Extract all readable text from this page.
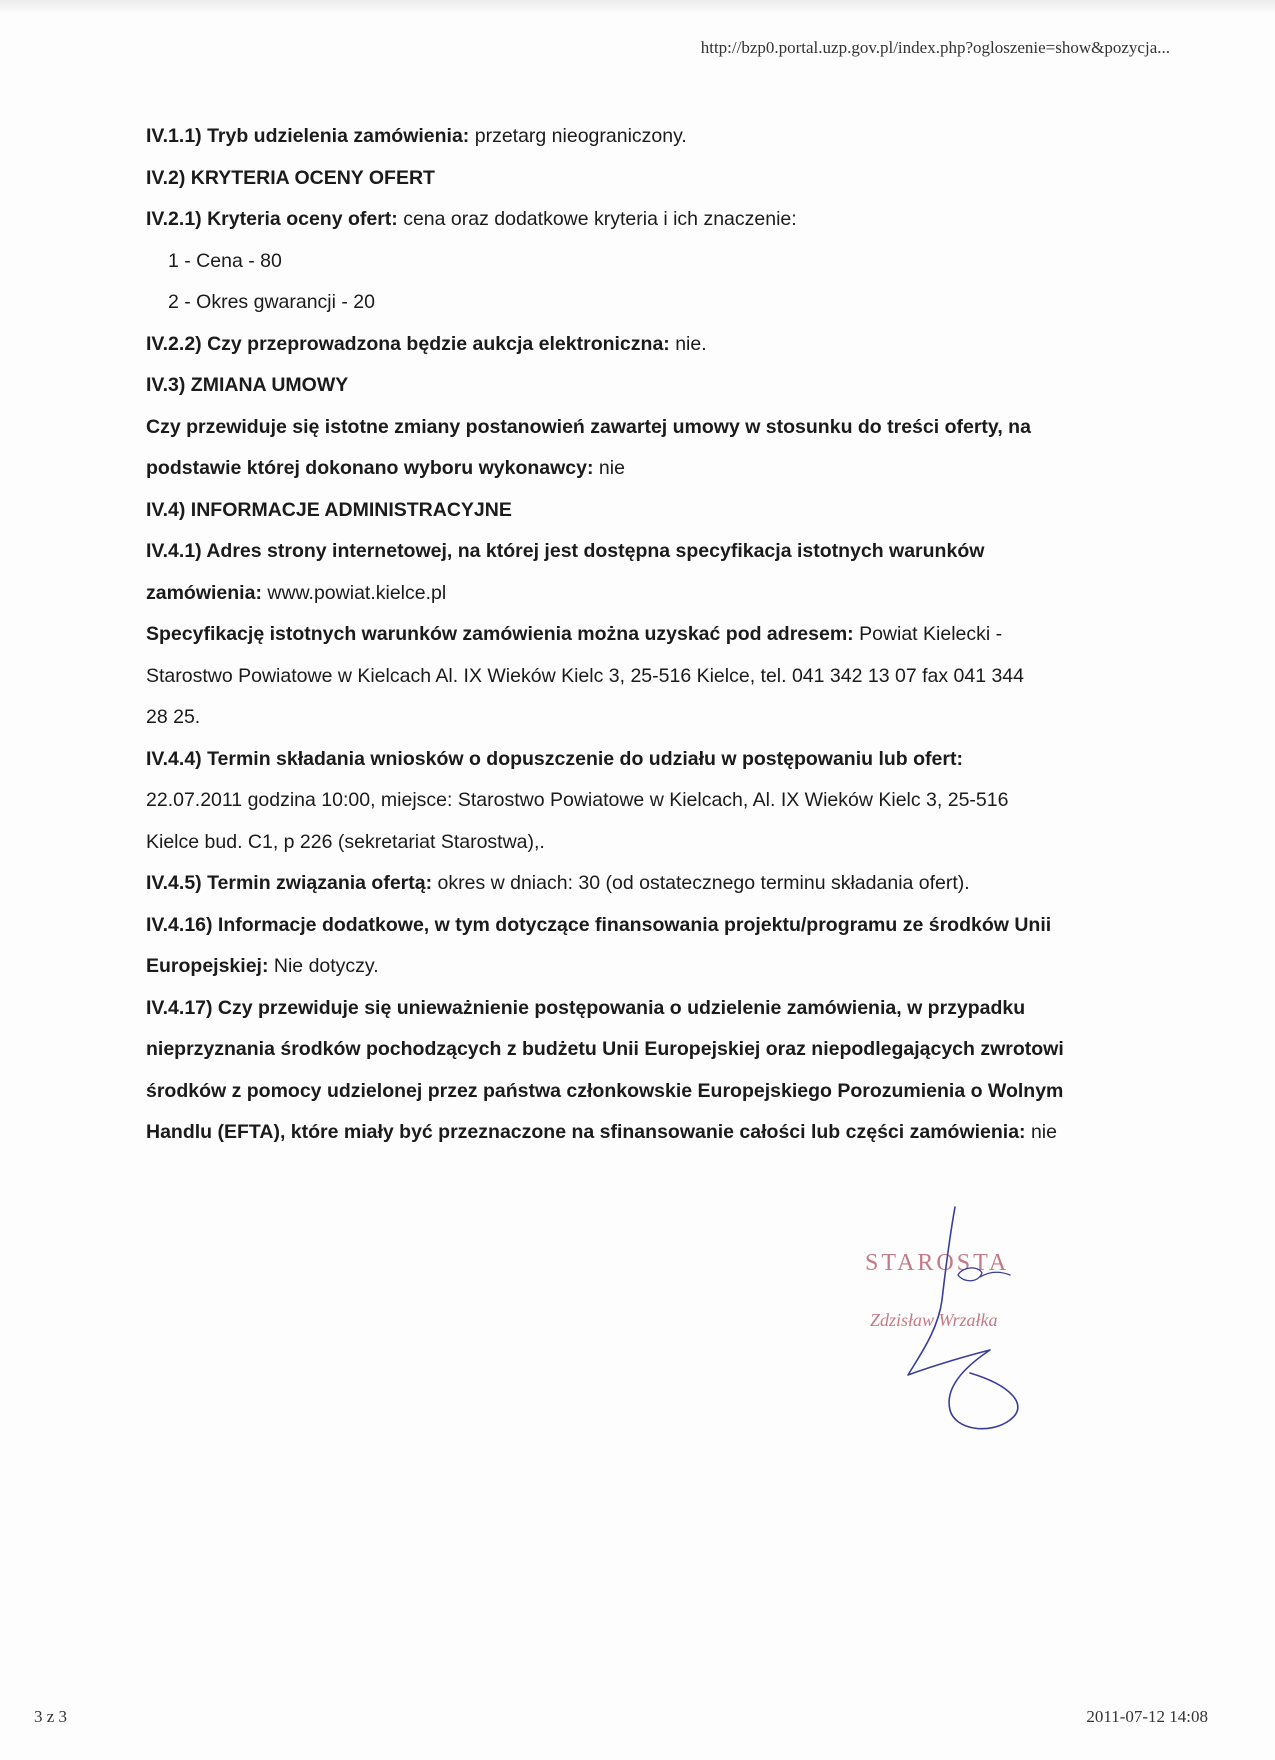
http://bzp0.portal.uzp.gov.pl/index.php?ogloszenie=show&pozycja...
IV.1.1) Tryb udzielenia zamówienia: przetarg nieograniczony.
IV.2) KRYTERIA OCENY OFERT
IV.2.1) Kryteria oceny ofert: cena oraz dodatkowe kryteria i ich znaczenie:
1 - Cena - 80
2 - Okres gwarancji - 20
IV.2.2) Czy przeprowadzona będzie aukcja elektroniczna: nie.
IV.3) ZMIANA UMOWY
Czy przewiduje się istotne zmiany postanowień zawartej umowy w stosunku do treści oferty, na
podstawie której dokonano wyboru wykonawcy: nie
IV.4) INFORMACJE ADMINISTRACYJNE
IV.4.1) Adres strony internetowej, na której jest dostępna specyfikacja istotnych warunków
zamówienia: www.powiat.kielce.pl
Specyfikację istotnych warunków zamówienia można uzyskać pod adresem: Powiat Kielecki -
Starostwo Powiatowe w Kielcach Al. IX Wieków Kielc 3, 25-516 Kielce, tel. 041 342 13 07 fax 041 344
28 25.
IV.4.4) Termin składania wniosków o dopuszczenie do udziału w postępowaniu lub ofert:
22.07.2011 godzina 10:00, miejsce: Starostwo Powiatowe w Kielcach, Al. IX Wieków Kielc 3, 25-516
Kielce bud. C1, p 226 (sekretariat Starostwa),.
IV.4.5) Termin związania ofertą: okres w dniach: 30 (od ostatecznego terminu składania ofert).
IV.4.16) Informacje dodatkowe, w tym dotyczące finansowania projektu/programu ze środków Unii
Europejskiej: Nie dotyczy.
IV.4.17) Czy przewiduje się unieważnienie postępowania o udzielenie zamówienia, w przypadku
nieprzyznania środków pochodzących z budżetu Unii Europejskiej oraz niepodlegających zwrotowi
środków z pomocy udzielonej przez państwa członkowskie Europejskiego Porozumienia o Wolnym
Handlu (EFTA), które miały być przeznaczone na sfinansowanie całości lub części zamówienia: nie
STAROSTA
Zdzisław Wrzałka
3 z 3	2011-07-12 14:08
